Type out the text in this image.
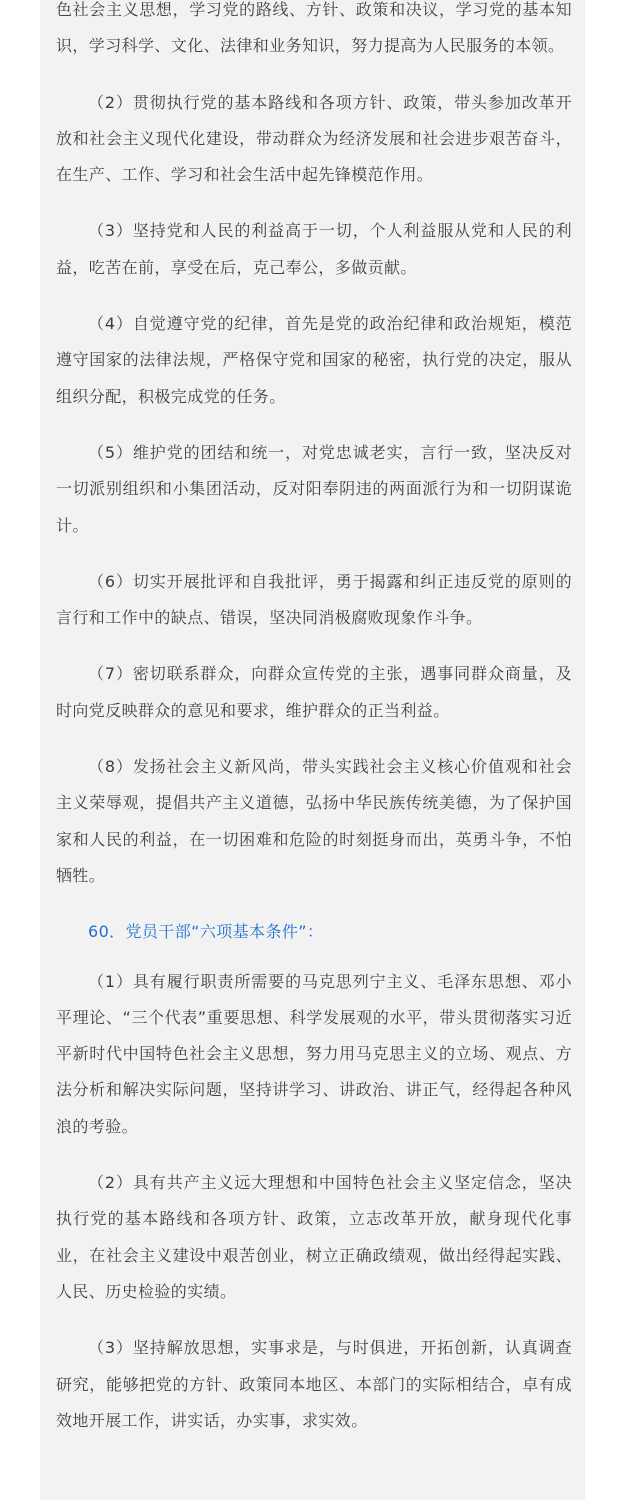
色社会主义思想，学习党的路线、方针、政策和决议，学习党的基本知识，学习科学、文化、法律和业务知识，努力提高为人民服务的本领。

（2）贯彻执行党的基本路线和各项方针、政策，带头参加改革开放和社会主义现代化建设，带动群众为经济发展和社会进步艰苦奋斗，在生产、工作、学习和社会生活中起先锋模范作用。

（3）坚持党和人民的利益高于一切，个人利益服从党和人民的利益，吃苦在前，享受在后，克己奉公，多做贡献。

（4）自觉遵守党的纪律，首先是党的政治纪律和政治规矩，模范遵守国家的法律法规，严格保守党和国家的秘密，执行党的决定，服从组织分配，积极完成党的任务。

（5）维护党的团结和统一，对党忠诚老实，言行一致，坚决反对一切派别组织和小集团活动，反对阳奉阴违的两面派行为和一切阴谋诡计。

（6）切实开展批评和自我批评，勇于揭露和纠正违反党的原则的言行和工作中的缺点、错误，坚决同消极腐败现象作斗争。

（7）密切联系群众，向群众宣传党的主张，遇事同群众商量，及时向党反映群众的意见和要求，维护群众的正当利益。

（8）发扬社会主义新风尚，带头实践社会主义核心价值观和社会主义荣辱观，提倡共产主义道德，弘扬中华民族传统美德，为了保护国家和人民的利益，在一切困难和危险的时刻挺身而出，英勇斗争，不怕牺牲。

60．党员干部“六项基本条件”：

（1）具有履行职责所需要的马克思列宁主义、毛泽东思想、邓小平理论、“三个代表”重要思想、科学发展观的水平，带头贯彻落实习近平新时代中国特色社会主义思想，努力用马克思主义的立场、观点、方法分析和解决实际问题，坚持讲学习、讲政治、讲正气，经得起各种风浪的考验。

（2）具有共产主义远大理想和中国特色社会主义坚定信念，坚决执行党的基本路线和各项方针、政策，立志改革开放，献身现代化事业，在社会主义建设中艰苦创业，树立正确政绩观，做出经得起实践、人民、历史检验的实绩。

（3）坚持解放思想，实事求是，与时俱进，开拓创新，认真调查研究，能够把党的方针、政策同本地区、本部门的实际相结合，卓有成效地开展工作，讲实话，办实事，求实效。
